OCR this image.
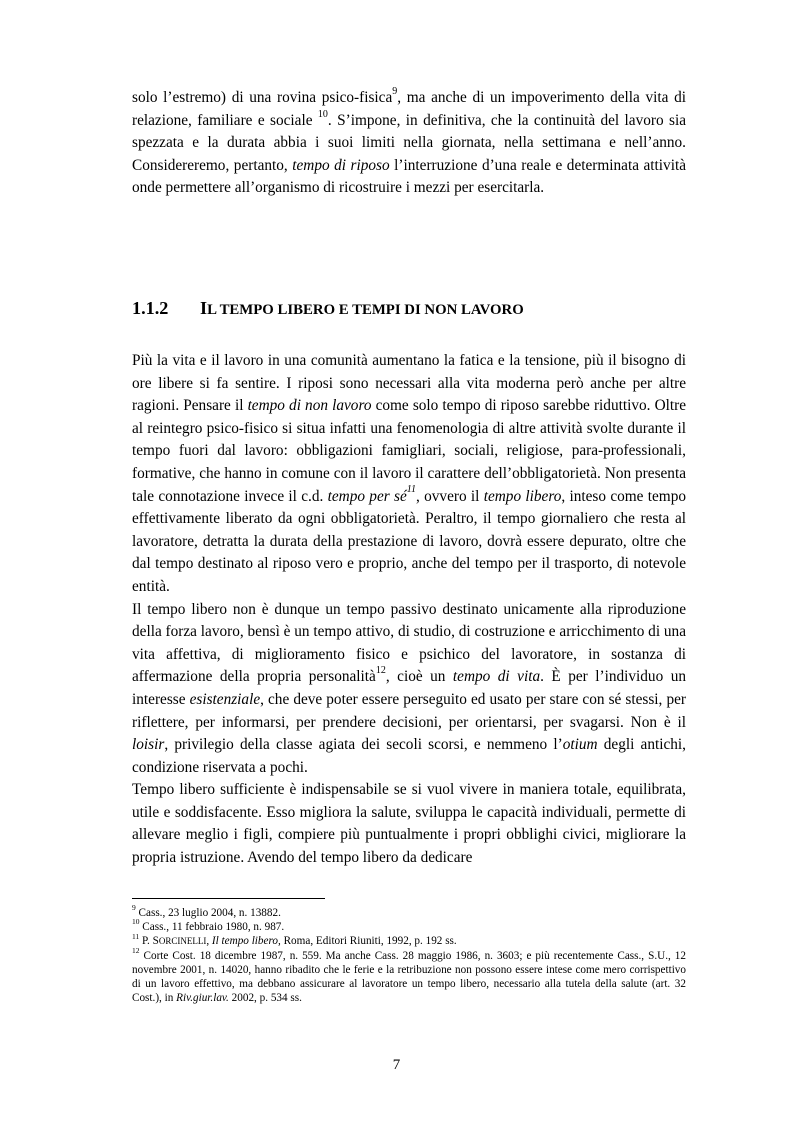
solo l’estremo) di una rovina psico-fisica$^9$, ma anche di un impoverimento della vita di relazione, familiare e sociale $^{10}$. S’impone, in definitiva, che la continuità del lavoro sia spezzata e la durata abbia i suoi limiti nella giornata, nella settimana e nell’anno. Considereremo, pertanto, tempo di riposo l’interruzione d’una reale e determinata attività onde permettere all’organismo di ricostruire i mezzi per esercitarla.

1.1.2 IL TEMPO LIBERO E TEMPI DI NON LAVORO

Più la vita e il lavoro in una comunità aumentano la fatica e la tensione, più il bisogno di ore libere si fa sentire. I riposi sono necessari alla vita moderna però anche per altre ragioni. Pensare il tempo di non lavoro come solo tempo di riposo sarebbe riduttivo. Oltre al reintegro psico-fisico si situa infatti una fenomenologia di altre attività svolte durante il tempo fuori dal lavoro: obbligazioni famigliari, sociali, religiose, para-professionali, formative, che hanno in comune con il lavoro il carattere dell’obbligatorietà. Non presenta tale connotazione invece il c.d. tempo per $sé^{11}$, ovvero il tempo libero, inteso come tempo effettivamente liberato da ogni obbligatorietà. Peraltro, il tempo giornaliero che resta al lavoratore, detratta la durata della prestazione di lavoro, dovrà essere depurato, oltre che dal tempo destinato al riposo vero e proprio, anche del tempo per il trasporto, di notevole entità.

Il tempo libero non è dunque un tempo passivo destinato unicamente alla riproduzione della forza lavoro, bensì è un tempo attivo, di studio, di costruzione e arricchimento di una vita affettiva, di miglioramento fisico e psichico del lavoratore, in sostanza di affermazione della propria personalità$^{12}$, cioè un tempo di vita. È per l’individuo un interesse esistenziale, che deve poter essere perseguito ed usato per stare con sé stessi, per riflettere, per informarsi, per prendere decisioni, per orientarsi, per svagarsi. Non è il loisir, privilegio della classe agiata dei secoli scorsi, e nemmeno l’otium degli antichi, condizione riservata a pochi.

Tempo libero sufficiente è indispensabile se si vuol vivere in maniera totale, equilibrata, utile e soddisfacente. Esso migliora la salute, sviluppa le capacità individuali, permette di allevare meglio i figli, compiere più puntualmente i propri obblighi civici, migliorare la propria istruzione. Avendo del tempo libero da dedicare

$^9$ Cass., 23 luglio 2004, n. 13882.

$^{10}$ Cass., 11 febbraio 1980, n. 987.

$^{11}$ P. SORCINELLI, Il tempo libero, Roma, Editori Riuniti, 1992, p. 192 ss.

$^{12}$ Corte Cost. 18 dicembre 1987, n. 559. Ma anche Cass. 28 maggio 1986, n. 3603; e più recentemente Cass., S.U., 12 novembre 2001, n. 14020, hanno ribadito che le ferie e la retribuzione non possono essere intese come mero corrispettivo di un lavoro effettivo, ma debbano assicurare al lavoratore un tempo libero, necessario alla tutela della salute (art. 32 Cost.), in Riv.giur.lav. 2002, p. 534 ss.

7
